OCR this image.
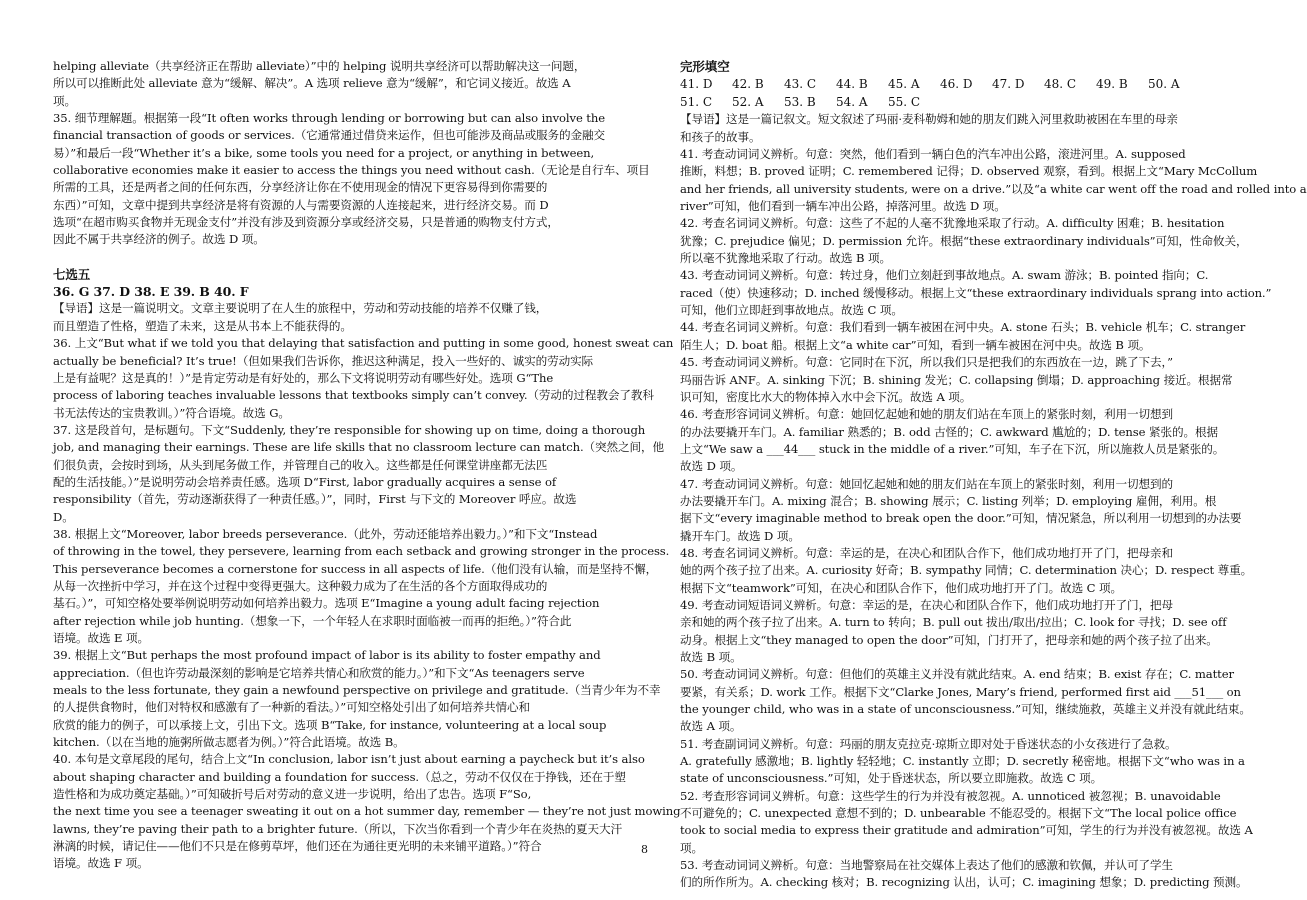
helping alleviate（共享经济正在帮助 alleviate）”中的 helping 说明共享经济可以帮助解决这一问题，
所以可以推断此处 alleviate 意为“缓解、解决”。A 选项 relieve 意为“缓解”，和它词义接近。故选 A
项。
35. 细节理解题。根据第一段“It often works through lending or borrowing but can also involve the
financial transaction of goods or services.（它通常通过借贷来运作，但也可能涉及商品或服务的金融交
易）”和最后一段“Whether it’s a bike, some tools you need for a project, or anything in between,
collaborative economies make it easier to access the things you need without cash.（无论是自行车、项目
所需的工具，还是两者之间的任何东西，分享经济让你在不使用现金的情况下更容易得到你需要的
东西）”可知，文章中提到共享经济是将有资源的人与需要资源的人连接起来，进行经济交易。而 D
选项“在超市购买食物并无现金支付”并没有涉及到资源分享或经济交易，只是普通的购物支付方式，
因此不属于共享经济的例子。故选 D 项。
七选五
36. G 37. D 38. E 39. B 40. F
【导语】这是一篇说明文。文章主要说明了在人生的旅程中，劳动和劳动技能的培养不仅赚了钱，
而且塑造了性格，塑造了未来，这是从书本上不能获得的。
36. 上文“But what if we told you that delaying that satisfaction and putting in some good, honest sweat can
actually be beneficial? It’s true!（但如果我们告诉你，推迟这种满足，投入一些好的、诚实的劳动实际
上是有益呢？这是真的！）”是肯定劳动是有好处的，那么下文将说明劳动有哪些好处。选项 G“The
process of laboring teaches invaluable lessons that textbooks simply can’t convey.（劳动的过程教会了教科
书无法传达的宝贵教训。）”符合语境。故选 G。
37. 这是段首句，是标题句。下文“Suddenly, they’re responsible for showing up on time, doing a thorough
job, and managing their earnings. These are life skills that no classroom lecture can match.（突然之间，他
们很负责，会按时到场，从头到尾务做工作，并管理自己的收入。这些都是任何课堂讲座都无法匹
配的生活技能。）”是说明劳动会培养责任感。选项 D“First, labor gradually acquires a sense of
responsibility（首先，劳动逐渐获得了一种责任感。）”，同时，First 与下文的 Moreover 呼应。故选
D。
38. 根据上文“Moreover, labor breeds perseverance.（此外，劳动还能培养出毅力。）”和下文“Instead
of throwing in the towel, they persevere, learning from each setback and growing stronger in the process.
This perseverance becomes a cornerstone for success in all aspects of life.（他们没有认输，而是坚持不懈，
从每一次挫折中学习，并在这个过程中变得更强大。这种毅力成为了在生活的各个方面取得成功的
基石。）”，可知空格处要举例说明劳动如何培养出毅力。选项 E“Imagine a young adult facing rejection
after rejection while job hunting.（想象一下，一个年轻人在求职时面临被一而再的拒绝。）”符合此
语境。故选 E 项。
39. 根据上文“But perhaps the most profound impact of labor is its ability to foster empathy and
appreciation.（但也许劳动最深刻的影响是它培养共情心和欣赏的能力。）”和下文“As teenagers serve
meals to the less fortunate, they gain a newfound perspective on privilege and gratitude.（当青少年为不幸
的人提供食物时，他们对特权和感激有了一种新的看法。）”可知空格处引出了如何培养共情心和
欣赏的能力的例子，可以承接上文，引出下文。选项 B“Take, for instance, volunteering at a local soup
kitchen.（以在当地的施粥所做志愿者为例。）”符合此语境。故选 B。
40. 本句是文章尾段的尾句，结合上文“In conclusion, labor isn’t just about earning a paycheck but it’s also
about shaping character and building a foundation for success.（总之，劳动不仅仅在于挣钱，还在于塑
造性格和为成功奠定基础。）”可知破折号后对劳动的意义进一步说明，给出了忠告。选项 F“So,
the next time you see a teenager sweating it out on a hot summer day, remember — they’re not just mowing
lawns, they’re paving their path to a brighter future.（所以，下次当你看到一个青少年在炎热的夏天大汗
淋漓的时候，请记住——他们不只是在修剪草坪，他们还在为通往更光明的未来铺平道路。）”符合
语境。故选 F 项。
完形填空
41. D	42. B	43. C	44. B	45. A	46. D	47. D	48. C	49. B	50. A
51. C	52. A	53. B	54. A	55. C
【导语】这是一篇记叙文。短文叙述了玛丽·麦科勒姆和她的朋友们跳入河里救助被困在车里的母亲
和孩子的故事。
41. 考查动词词义辨析。句意：突然，他们看到一辆白色的汽车冲出公路，滚进河里。A. supposed
推断，料想；B. proved 证明；C. remembered 记得；D. observed 观察，看到。根据上文“Mary McCollum
and her friends, all university students, were on a drive.”以及“a white car went off the road and rolled into a
river”可知，他们看到一辆车冲出公路，掉落河里。故选 D 项。
42. 考查名词词义辨析。句意：这些了不起的人毫不犹豫地采取了行动。A. difficulty 困难；B. hesitation
犹豫；C. prejudice 偏见；D. permission 允许。根据“these extraordinary individuals”可知，性命攸关，
所以毫不犹豫地采取了行动。故选 B 项。
43. 考查动词词义辨析。句意：转过身，他们立刻赶到事故地点。A. swam 游泳；B. pointed 指向；C.
raced（使）快速移动；D. inched 缓慢移动。根据上文“these extraordinary individuals sprang into action.”
可知，他们立即赶到事故地点。故选 C 项。
44. 考查名词词义辨析。句意：我们看到一辆车被困在河中央。A. stone 石头；B. vehicle 机车；C. stranger
陌生人；D. boat 船。根据上文“a white car”可知，看到一辆车被困在河中央。故选 B 项。
45. 考查动词词义辨析。句意：它同时在下沉，所以我们只是把我们的东西放在一边，跳了下去，”
玛丽告诉 ANF。A. sinking 下沉；B. shining 发光；C. collapsing 倒塌；D. approaching 接近。根据常
识可知，密度比水大的物体掉入水中会下沉。故选 A 项。
46. 考查形容词词义辨析。句意：她回忆起她和她的朋友们站在车顶上的紧张时刻，利用一切想到
的办法要撬开车门。A. familiar 熟悉的；B. odd 古怪的；C. awkward 尴尬的；D. tense 紧张的。根据
上文“We saw a ___44___ stuck in the middle of a river.”可知，车子在下沉，所以施救人员是紧张的。
故选 D 项。
47. 考查动词词义辨析。句意：她回忆起她和她的朋友们站在车顶上的紧张时刻，利用一切想到的
办法要撬开车门。A. mixing 混合；B. showing 展示；C. listing 列举；D. employing 雇佣，利用。根
据下文“every imaginable method to break open the door.”可知，情况紧急，所以利用一切想到的办法要
撬开车门。故选 D 项。
48. 考查名词词义辨析。句意：幸运的是，在决心和团队合作下，他们成功地打开了门，把母亲和
她的两个孩子拉了出来。A. curiosity 好奇；B. sympathy 同情；C. determination 决心；D. respect 尊重。
根据下文“teamwork”可知，在决心和团队合作下，他们成功地打开了门。故选 C 项。
49. 考查动词短语词义辨析。句意：幸运的是，在决心和团队合作下，他们成功地打开了门，把母
亲和她的两个孩子拉了出来。A. turn to 转向；B. pull out 拔出/取出/拉出；C. look for 寻找；D. see off
动身。根据上文“they managed to open the door”可知，门打开了，把母亲和她的两个孩子拉了出来。
故选 B 项。
50. 考查动词词义辨析。句意：但他们的英雄主义并没有就此结束。A. end 结束；B. exist 存在；C. matter
要紧，有关系；D. work 工作。根据下文“Clarke Jones, Mary’s friend, performed first aid ___51___ on
the younger child, who was in a state of unconsciousness.”可知，继续施救，英雄主义并没有就此结束。
故选 A 项。
51. 考查副词词义辨析。句意：玛丽的朋友克拉克·琼斯立即对处于昏迷状态的小女孩进行了急救。
A. gratefully 感激地；B. lightly 轻轻地；C. instantly 立即；D. secretly 秘密地。根据下文“who was in a
state of unconsciousness.”可知，处于昏迷状态，所以要立即施救。故选 C 项。
52. 考查形容词词义辨析。句意：这些学生的行为并没有被忽视。A. unnoticed 被忽视；B. unavoidable
不可避免的；C. unexpected 意想不到的；D. unbearable 不能忍受的。根据下文“The local police office
took to social media to express their gratitude and admiration”可知，学生的行为并没有被忽视。故选 A
项。
53. 考查动词词义辨析。句意：当地警察局在社交媒体上表达了他们的感激和钦佩，并认可了学生
们的所作所为。A. checking 核对；B. recognizing 认出，认可；C. imagining 想象；D. predicting 预测。
8
